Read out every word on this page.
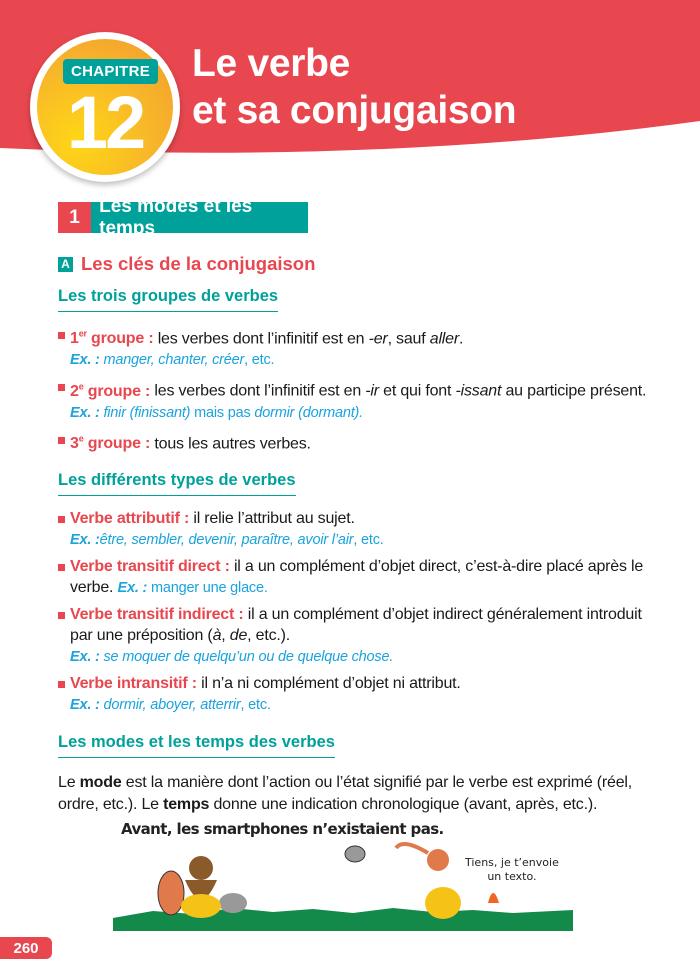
CHAPITRE
12
Le verbe
et sa conjugaison
1
Les modes et les temps
A Les clés de la conjugaison
Les trois groupes de verbes
1er groupe : les verbes dont l’infinitif est en -er, sauf aller.
Ex. : manger, chanter, créer, etc.
2e groupe : les verbes dont l’infinitif est en -ir et qui font -issant au participe présent. Ex. : finir (finissant) mais pas dormir (dormant).
3e groupe : tous les autres verbes.
Les différents types de verbes
Verbe attributif : il relie l’attribut au sujet.
Ex. :être, sembler, devenir, paraître, avoir l’air, etc.
Verbe transitif direct : il a un complément d’objet direct, c’est-à-dire placé après le verbe. Ex. : manger une glace.
Verbe transitif indirect : il a un complément d’objet indirect généralement introduit par une préposition (à, de, etc.).
Ex. : se moquer de quelqu’un ou de quelque chose.
Verbe intransitif : il n’a ni complément d’objet ni attribut.
Ex. : dormir, aboyer, atterrir, etc.
Les modes et les temps des verbes

Le mode est la manière dont l’action ou l’état signifié par le verbe est exprimé (réel, ordre, etc.). Le temps donne une indication chronologique (avant, après, etc.).

Avant, les smartphones n’existaient pas.
Tiens, je t’envoie
un texto.
260
